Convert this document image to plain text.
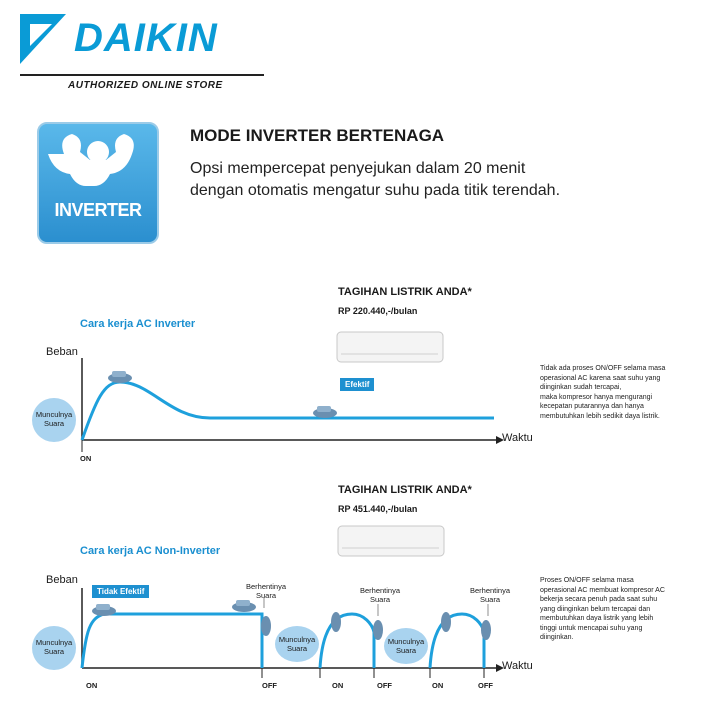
DAIKIN
AUTHORIZED ONLINE STORE
INVERTER
MODE INVERTER BERTENAGA
Opsi mempercepat penyejukan dalam 20 menit
dengan otomatis mengatur suhu pada titik terendah.
TAGIHAN LISTRIK ANDA*
RP 220.440,-/bulan
Cara kerja AC Inverter
Beban
Waktu
ON
Munculnya
Suara
Efektif
Tidak ada proses ON/OFF selama masa
operasional AC karena saat suhu yang
diinginkan sudah tercapai,
maka kompresor hanya mengurangi
kecepatan putarannya dan hanya
membutuhkan lebih sedikit daya listrik.
TAGIHAN LISTRIK ANDA*
RP 451.440,-/bulan
Cara kerja AC Non-Inverter
Beban
Waktu
Tidak Efektif
Berhentinya
Suara
Berhentinya
Suara
Berhentinya
Suara
Munculnya
Suara
Munculnya
Suara
Munculnya
Suara
ON	OFF	ON	OFF	ON	OFF
Proses ON/OFF selama masa
operasional AC membuat kompresor AC
bekerja secara penuh pada saat suhu
yang diinginkan belum tercapai dan
membutuhkan daya listrik yang lebih
tinggi untuk mencapai suhu yang
diinginkan.
